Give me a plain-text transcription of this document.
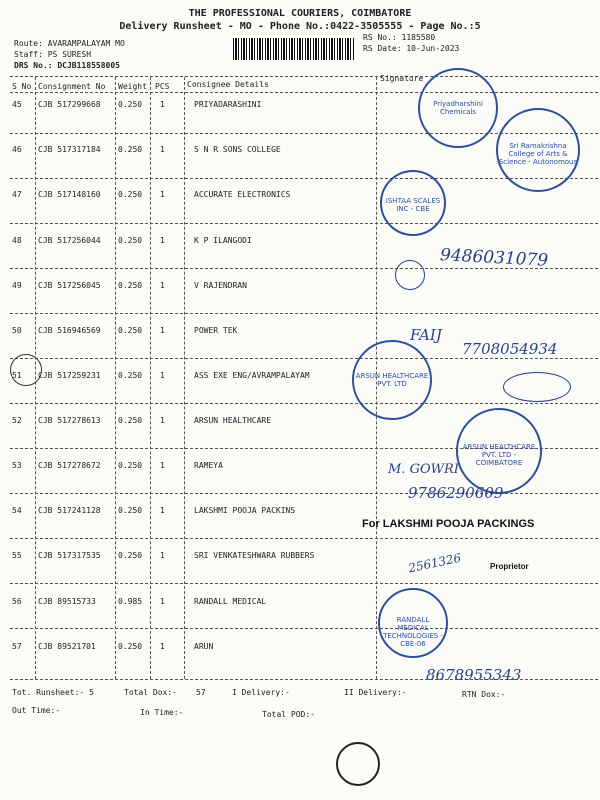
THE PROFESSIONAL COURIERS, COIMBATORE
Delivery Runsheet - MO - Phone No.:0422-3505555 - Page No.:5
Route: AVARAMPALAYAM MO
Staff: PS SURESH
DRS No.: DCJB118558005
RS No.: 1185580
RS Date: 10-Jun-2023
S No Consignment No Weight PCS Consignee Details
Signature
45 CJB 517299668 0.250 1	PRIYADARASHINI
46 CJB 517317184 0.250 1	S N R SONS COLLEGE
47 CJB 517148160 0.250 1	ACCURATE ELECTRONICS
48 CJB 517256044 0.250 1	K P ILANGODI
49 CJB 517256045 0.250 1	V RAJENDRAN
50 CJB 516946569 0.250 1	POWER TEK
51 CJB 517259231 0.250 1	ASS EXE ENG/AVRAMPALAYAM
52 CJB 517278613 0.250 1	ARSUN HEALTHCARE
53 CJB 517278672 0.250 1	RAMEYA
54 CJB 517241128 0.250 1	LAKSHMI POOJA PACKINS
55 CJB 517317535 0.250 1	SRI VENKATESHWARA RUBBERS
56 CJB 89515733	0.985 1	RANDALL MEDICAL
57 CJB 89521701	0.250 1	ARUN
Tot. Runsheet:- 5	Total Dox:- 57	I Delivery:-	II Delivery:-	RTN Dox:-
Out Time:-	In Time:-	Total POD:-
Priyadharshini Chemicals
Sri Ramakrishna College of Arts & Science - Autonomous
ISHTAA SCALES INC - CBE
9486031079
FAIJ
7708054934
ARSUN HEALTHCARE PVT. LTD
ARSUN HEALTHCARE PVT. LTD - COIMBATORE
M. GOWRI
9786290609
For LAKSHMI POOJA PACKINGS
Proprietor
2561326
RANDALL MEDICAL TECHNOLOGIES - CBE-06
8678955343
